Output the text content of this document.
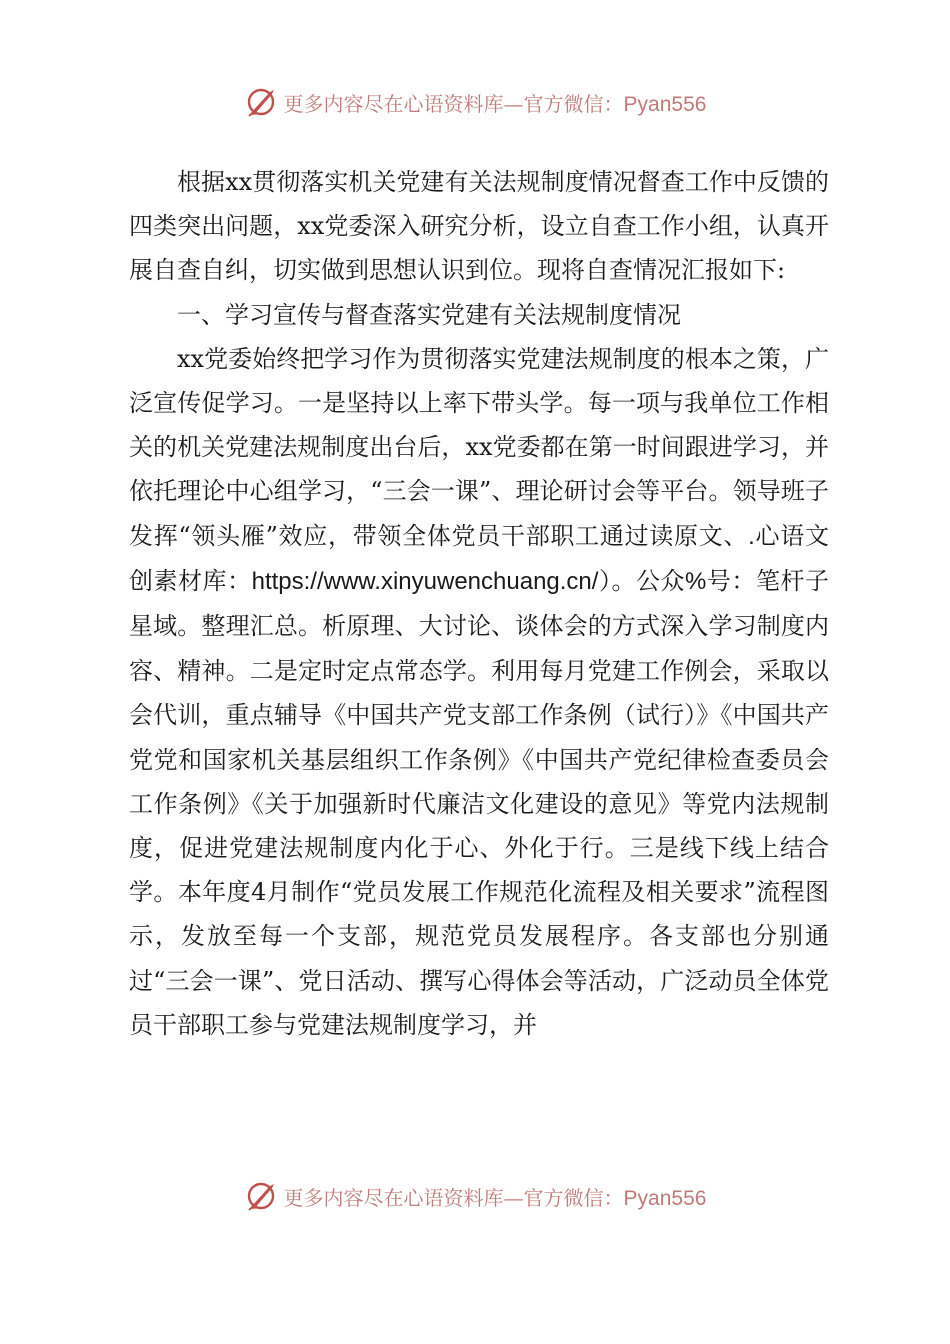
更多内容尽在心语资料库—官方微信：Pyan556

根据xx贯彻落实机关党建有关法规制度情况督查工作中反馈的四类突出问题，xx党委深入研究分析，设立自查工作小组，认真开展自查自纠，切实做到思想认识到位。现将自查情况汇报如下:

一、学习宣传与督查落实党建有关法规制度情况

xx党委始终把学习作为贯彻落实党建法规制度的根本之策，广泛宣传促学习。一是坚持以上率下带头学。每一项与我单位工作相关的机关党建法规制度出台后，xx党委都在第一时间跟进学习，并依托理论中心组学习，“三会一课”、理论研讨会等平台。领导班子发挥“领头雁”效应，带领全体党员干部职工通过读原文、.心语文创素材库：https://www.xinyuwenchuang.cn/）。公众%号：笔杆子星域。整理汇总。析原理、大讨论、谈体会的方式深入学习制度内容、精神。二是定时定点常态学。利用每月党建工作例会，采取以会代训，重点辅导《中国共产党支部工作条例（试行）》《中国共产党党和国家机关基层组织工作条例》《中国共产党纪律检查委员会工作条例》《关于加强新时代廉洁文化建设的意见》等党内法规制度，促进党建法规制度内化于心、外化于行。三是线下线上结合学。本年度4月制作“党员发展工作规范化流程及相关要求”流程图示，发放至每一个支部，规范党员发展程序。各支部也分别通过“三会一课”、党日活动、撰写心得体会等活动，广泛动员全体党员干部职工参与党建法规制度学习，并

更多内容尽在心语资料库—官方微信：Pyan556
